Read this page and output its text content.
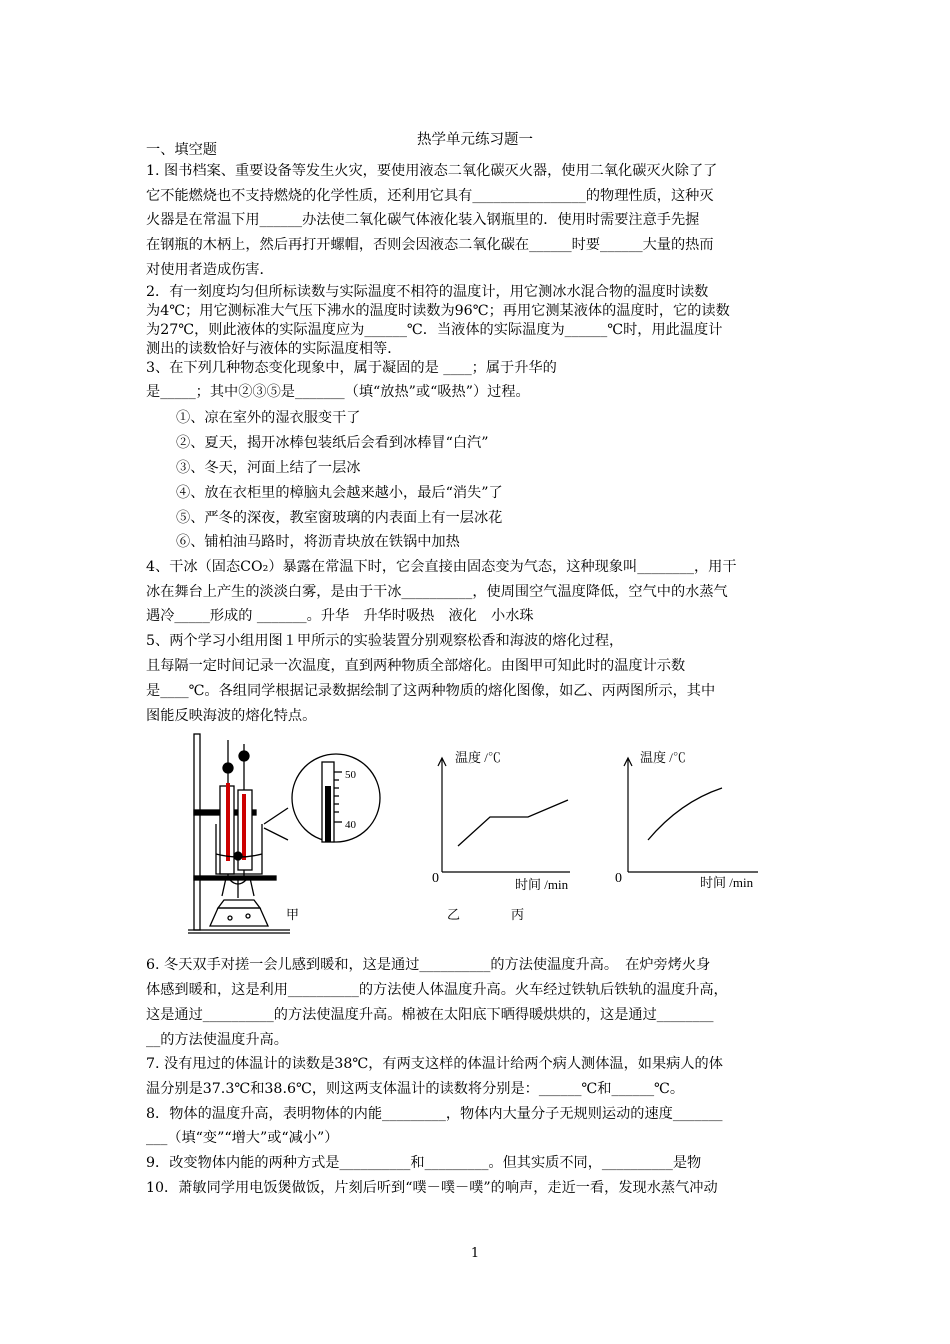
热学单元练习题一
一、填空题
1. 图书档案、重要设备等发生火灾，要使用液态二氧化碳灭火器，使用二氧化碳灭火除了了
它不能燃烧也不支持燃烧的化学性质，还利用它具有________________的物理性质，这种灭
火器是在常温下用______办法使二氧化碳气体液化装入钢瓶里的．使用时需要注意手先握
在钢瓶的木柄上，然后再打开螺帽，否则会因液态二氧化碳在______时要______大量的热而
对使用者造成伤害．
2．有一刻度均匀但所标读数与实际温度不相符的温度计，用它测冰水混合物的温度时读数
为4℃；用它测标准大气压下沸水的温度时读数为96℃；再用它测某液体的温度时，它的读数
为27℃，则此液体的实际温度应为______℃．当液体的实际温度为______℃时，用此温度计
测出的读数恰好与液体的实际温度相等．
3、在下列几种物态变化现象中，属于凝固的是 ____；属于升华的
是_____；其中②③⑤是_______（填“放热”或“吸热”）过程。
①、凉在室外的湿衣服变干了
②、夏天，揭开冰棒包装纸后会看到冰棒冒“白汽”
③、冬天，河面上结了一层冰
④、放在衣柜里的樟脑丸会越来越小，最后“消失”了
⑤、严冬的深夜，教室窗玻璃的内表面上有一层冰花
⑥、铺柏油马路时，将沥青块放在铁锅中加热
4、干冰（固态CO₂）暴露在常温下时，它会直接由固态变为气态，这种现象叫________，用干
冰在舞台上产生的淡淡白雾，是由于干冰__________，使周围空气温度降低，空气中的水蒸气
遇冷_____形成的 _______。升华　升华时吸热　液化　小水珠
5、两个学习小组用图１甲所示的实验装置分别观察松香和海波的熔化过程，
且每隔一定时间记录一次温度，直到两种物质全部熔化。由图甲可知此时的温度计示数
是____℃。各组同学根据记录数据绘制了这两种物质的熔化图像，如乙、丙两图所示，其中
图能反映海波的熔化特点。
50
40
温度 /℃
时间 /min
0
温度 /℃
时间 /min
0
甲	乙	丙
6. 冬天双手对搓一会儿感到暖和，这是通过__________的方法使温度升高。　在炉旁烤火身
体感到暖和，这是利用__________的方法使人体温度升高。火车经过铁轨后铁轨的温度升高，
这是通过__________的方法使温度升高。棉被在太阳底下晒得暖烘烘的，这是通过________
__的方法使温度升高。
7. 没有甩过的体温计的读数是38℃，有两支这样的体温计给两个病人测体温，如果病人的体
温分别是37.3℃和38.6℃，则这两支体温计的读数将分别是：______℃和______℃。
8．物体的温度升高，表明物体的内能_________，物体内大量分子无规则运动的速度_______
___（填“变”“增大”或“减小”）
9．改变物体内能的两种方式是__________和_________。但其实质不同，__________是物
10．萧敏同学用电饭煲做饭，片刻后听到“噗－噗－噗”的响声，走近一看，发现水蒸气冲动
1
